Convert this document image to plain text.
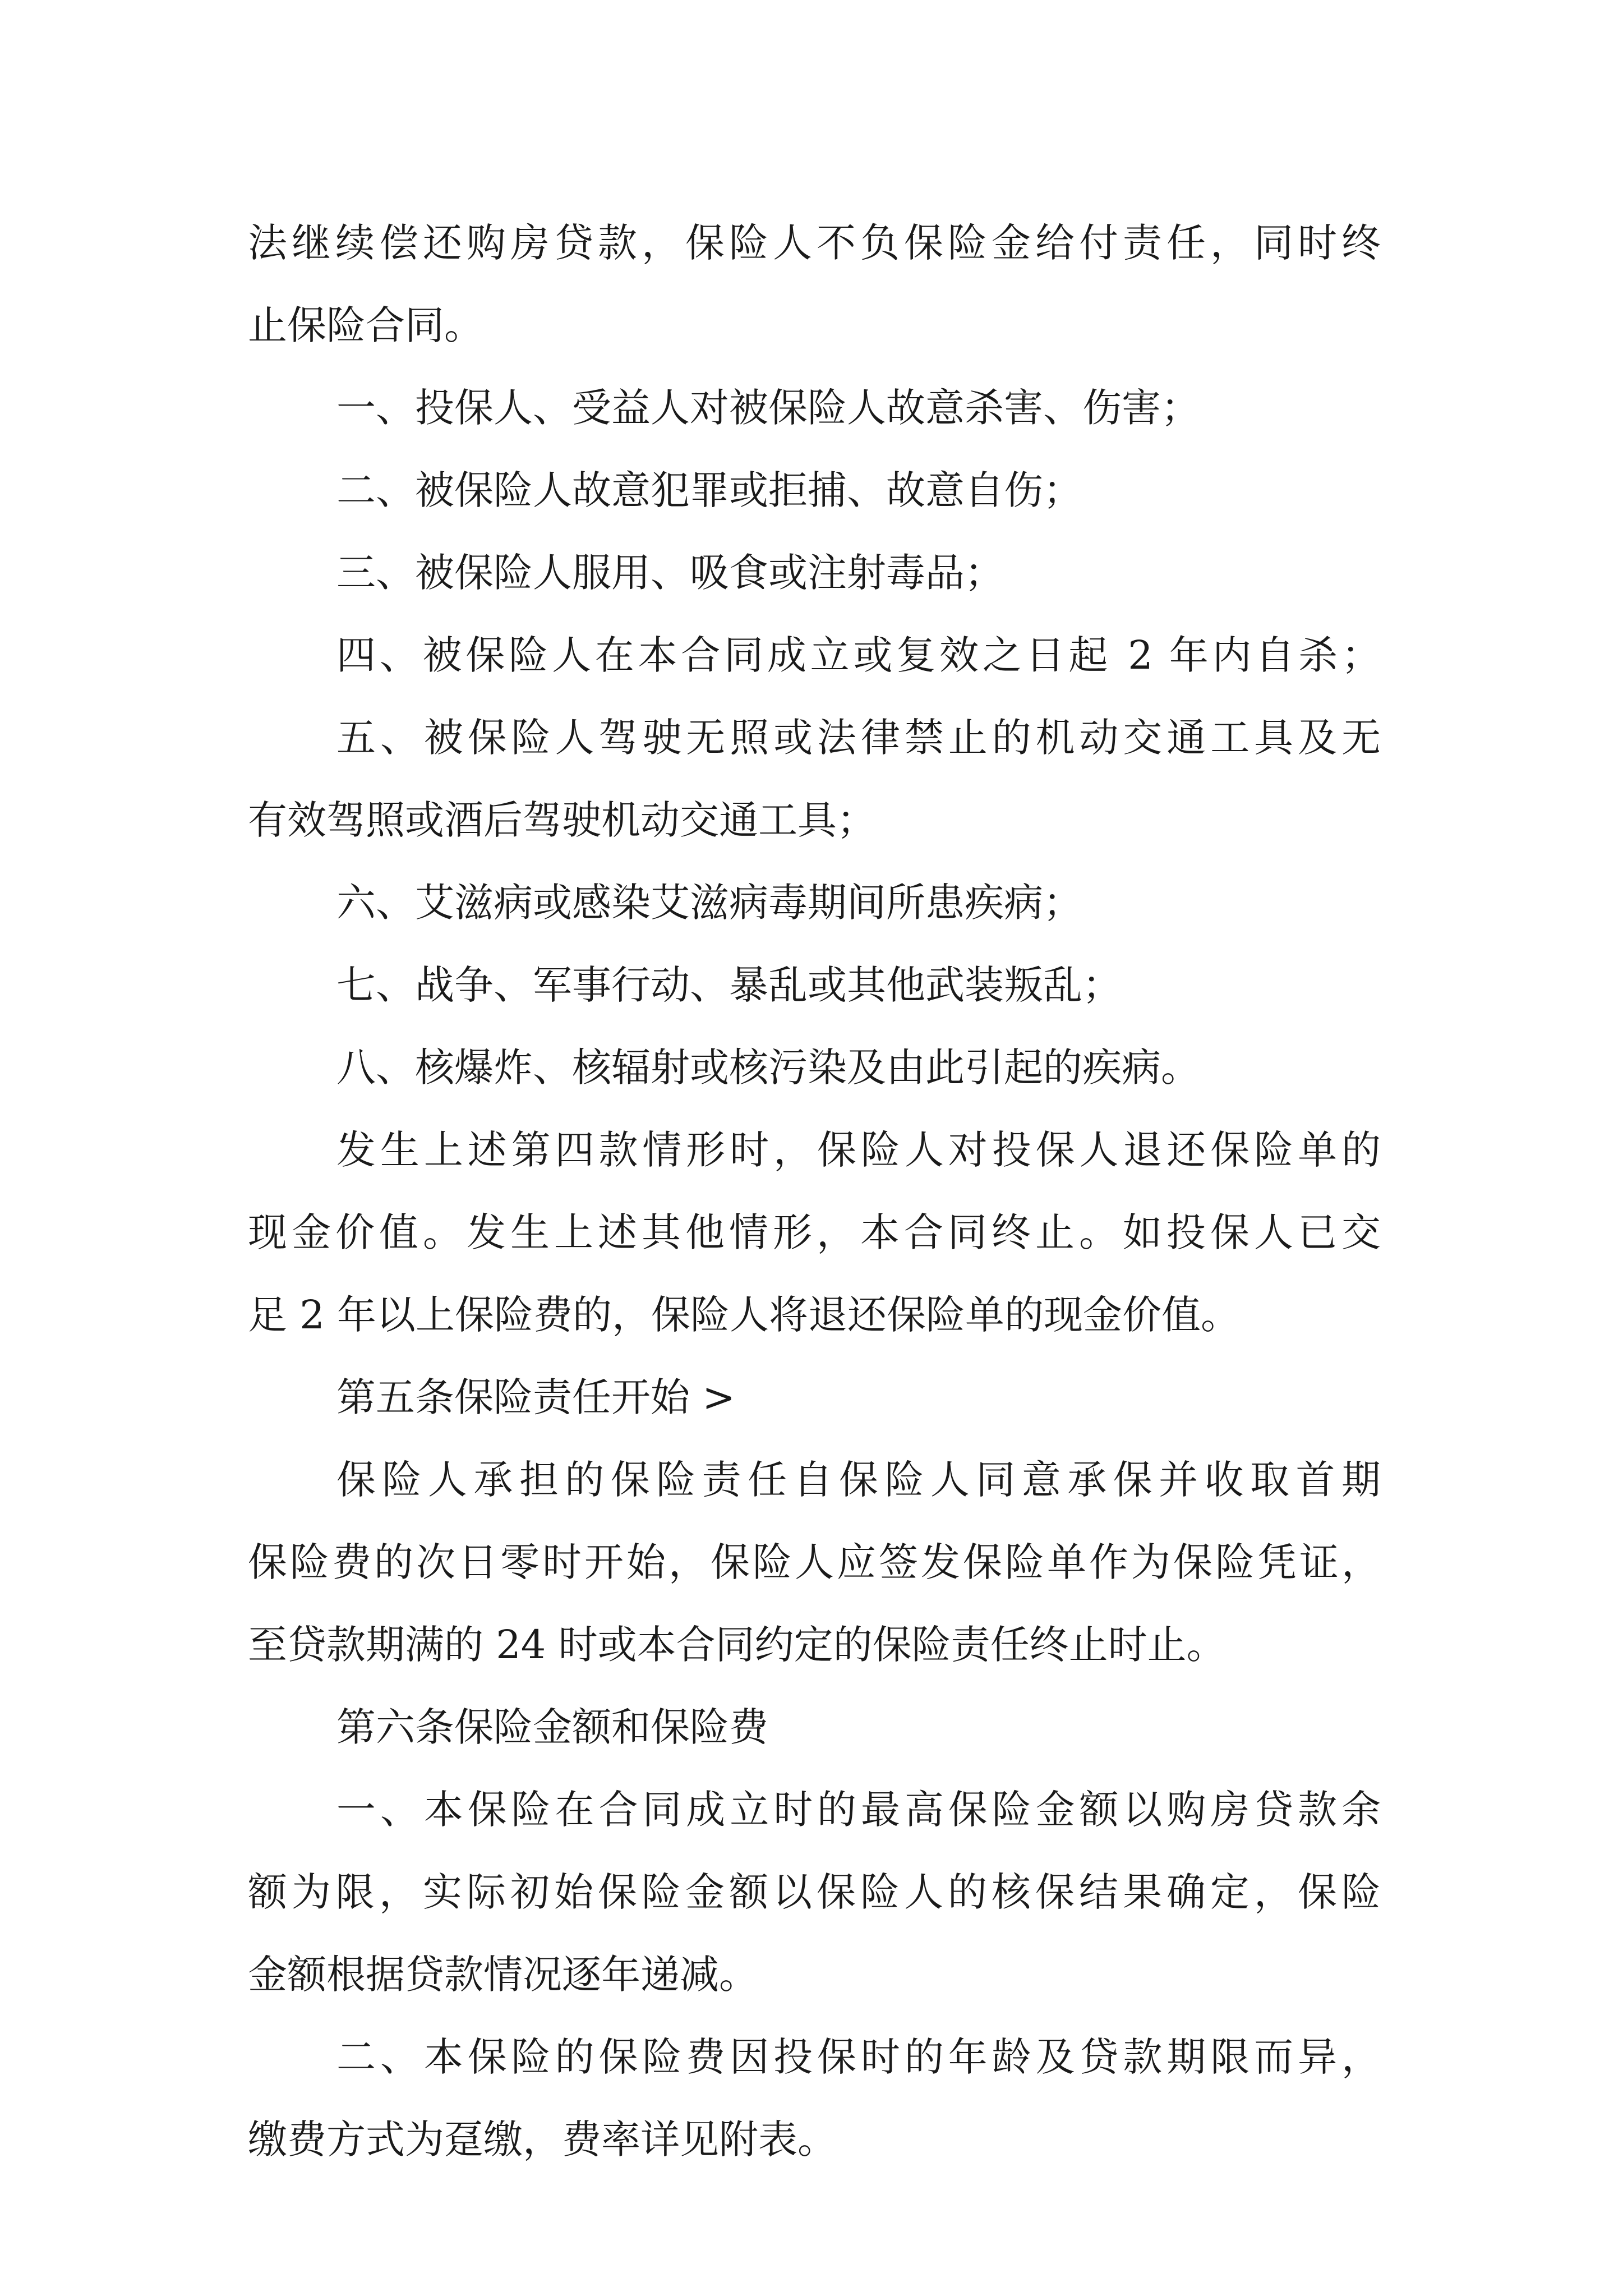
法继续偿还购房贷款，保险人不负保险金给付责任，同时终
止保险合同。
一、投保人、受益人对被保险人故意杀害、伤害；
二、被保险人故意犯罪或拒捕、故意自伤；
三、被保险人服用、吸食或注射毒品；
四、被保险人在本合同成立或复效之日起 2 年内自杀；
五、被保险人驾驶无照或法律禁止的机动交通工具及无
有效驾照或酒后驾驶机动交通工具；
六、艾滋病或感染艾滋病毒期间所患疾病；
七、战争、军事行动、暴乱或其他武装叛乱；
八、核爆炸、核辐射或核污染及由此引起的疾病。
发生上述第四款情形时，保险人对投保人退还保险单的
现金价值。发生上述其他情形，本合同终止。如投保人已交
足 2 年以上保险费的，保险人将退还保险单的现金价值。
第五条保险责任开始 >
保险人承担的保险责任自保险人同意承保并收取首期
保险费的次日零时开始，保险人应签发保险单作为保险凭证，
至贷款期满的 24 时或本合同约定的保险责任终止时止。
第六条保险金额和保险费
一、本保险在合同成立时的最高保险金额以购房贷款余
额为限，实际初始保险金额以保险人的核保结果确定，保险
金额根据贷款情况逐年递减。
二、本保险的保险费因投保时的年龄及贷款期限而异，
缴费方式为趸缴，费率详见附表。
